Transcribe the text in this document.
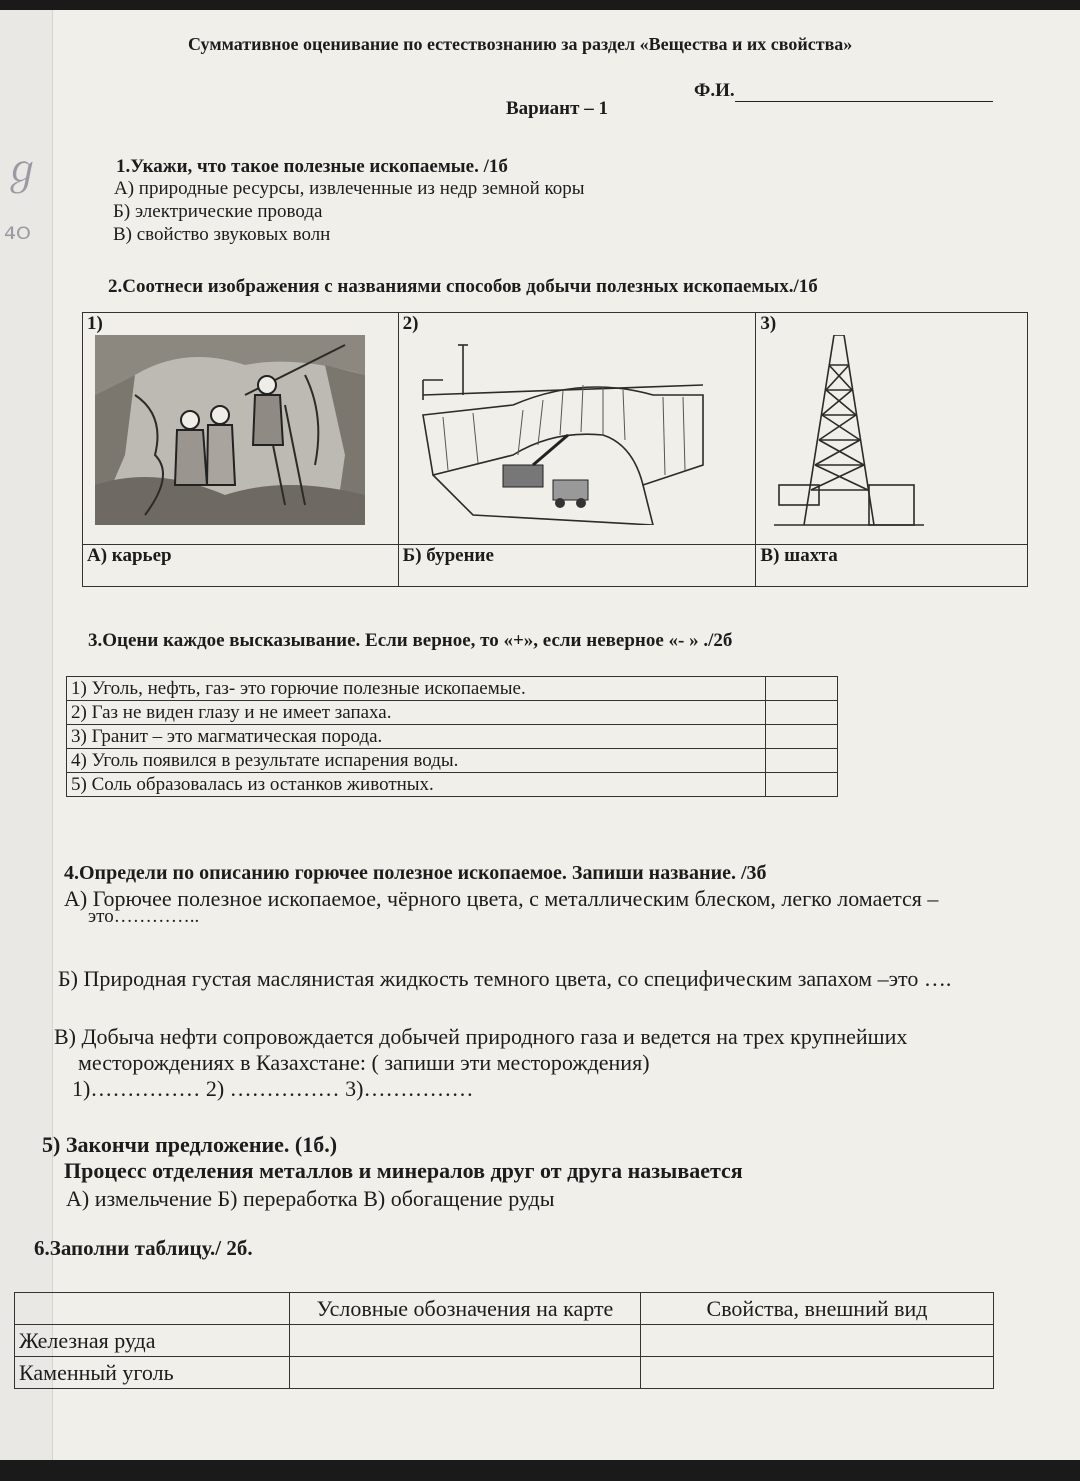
ℊ
⁴ᴼ
Суммативное оценивание по естествознанию за раздел «Вещества и их свойства»
Ф.И.
Вариант – 1
1.Укажи, что такое полезные ископаемые. /1б
А) природные ресурсы, извлеченные из недр земной коры
Б) электрические провода
В) свойство звуковых волн
2.Соотнеси изображения с названиями способов добычи полезных ископаемых./1б
1)	2)	3)

А) карьер	Б) бурение	В) шахта
3.Оцени каждое высказывание. Если верное, то «+», если неверное «- » ./2б
1) Уголь, нефть, газ- это горючие полезные ископаемые.	
2) Газ не виден глазу и не имеет запаха.	
3) Гранит – это магматическая порода.	
4) Уголь появился в результате испарения воды.	
5) Соль образовалась из останков животных.	
4.Определи по описанию горючее полезное ископаемое. Запиши название. /3б
А) Горючее полезное ископаемое, чёрного цвета, с металлическим блеском, легко ломается –
это…………..
Б) Природная густая маслянистая жидкость темного цвета, со специфическим запахом –это ….
В) Добыча нефти сопровождается добычей природного газа и ведется на трех крупнейших
месторождениях в Казахстане: ( запиши эти месторождения)
1)…………… 2) …………… 3)……………
5) Закончи предложение. (1б.)
Процесс отделения металлов и минералов друг от друга называется
А) измельчение Б) переработка В) обогащение руды
6.Заполни таблицу./ 2б.
	Условные обозначения на карте	Свойства, внешний вид
Железная руда		
Каменный уголь		
